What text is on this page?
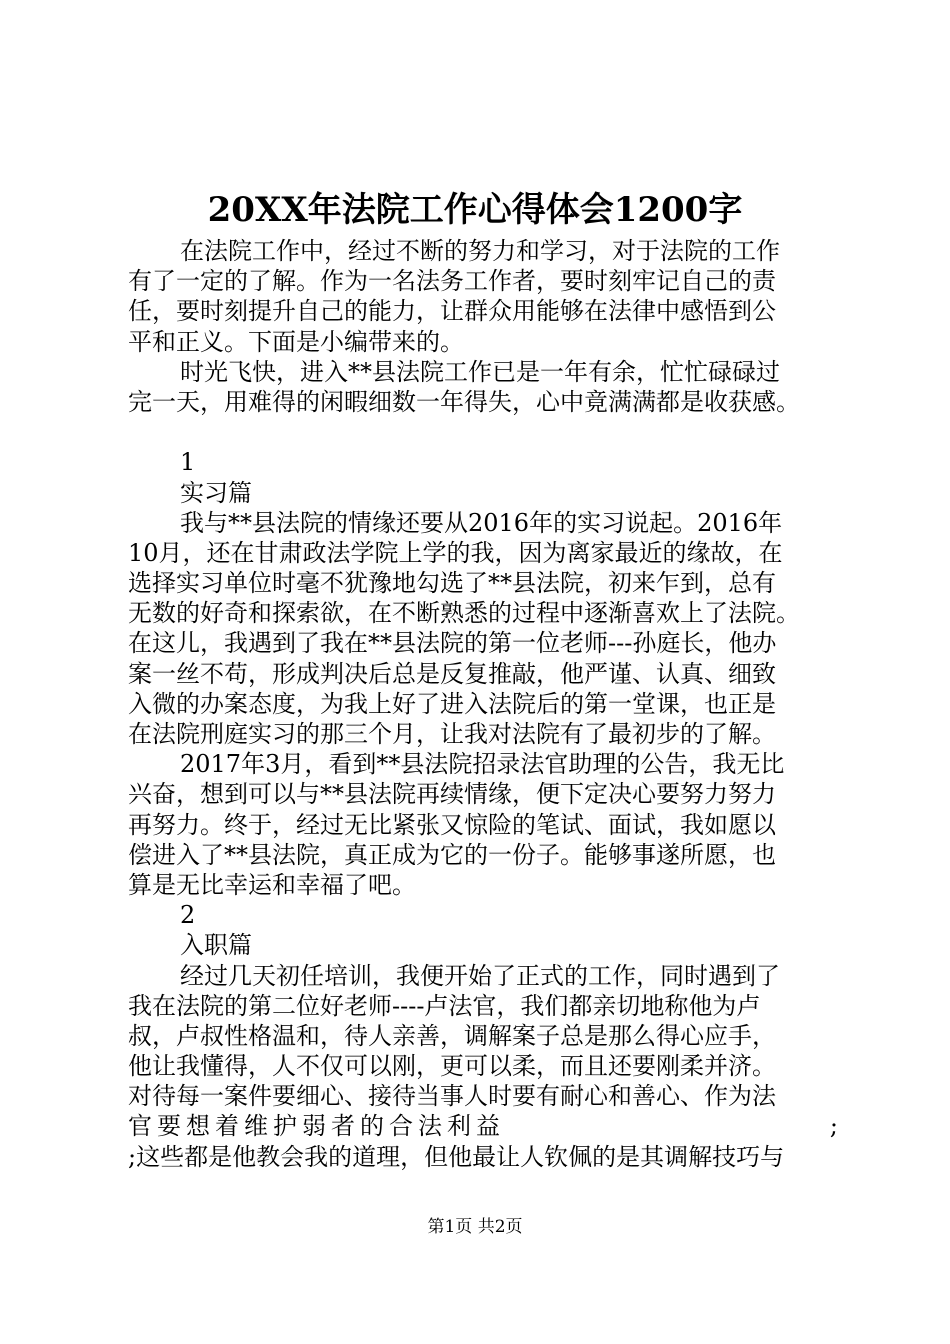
20XX年法院工作心得体会1200字
在法院工作中，经过不断的努力和学习，对于法院的工作
有了一定的了解。作为一名法务工作者，要时刻牢记自己的责
任，要时刻提升自己的能力，让群众用能够在法律中感悟到公
平和正义。下面是小编带来的。
时光飞快，进入**县法院工作已是一年有余，忙忙碌碌过
完一天，用难得的闲暇细数一年得失，心中竟满满都是收获感。
1
实习篇
我与**县法院的情缘还要从2016年的实习说起。2016年
10月，还在甘肃政法学院上学的我，因为离家最近的缘故，在
选择实习单位时毫不犹豫地勾选了**县法院，初来乍到，总有
无数的好奇和探索欲，在不断熟悉的过程中逐渐喜欢上了法院。
在这儿，我遇到了我在**县法院的第一位老师---孙庭长，他办
案一丝不苟，形成判决后总是反复推敲，他严谨、认真、细致
入微的办案态度，为我上好了进入法院后的第一堂课，也正是
在法院刑庭实习的那三个月，让我对法院有了最初步的了解。
2017年3月，看到**县法院招录法官助理的公告，我无比
兴奋，想到可以与**县法院再续情缘，便下定决心要努力努力
再努力。终于，经过无比紧张又惊险的笔试、面试，我如愿以
偿进入了**县法院，真正成为它的一份子。能够事遂所愿，也
算是无比幸运和幸福了吧。
2
入职篇
经过几天初任培训，我便开始了正式的工作，同时遇到了
我在法院的第二位好老师----卢法官，我们都亲切地称他为卢
叔，卢叔性格温和，待人亲善，调解案子总是那么得心应手，
他让我懂得，人不仅可以刚，更可以柔，而且还要刚柔并济。
对待每一案件要细心、接待当事人时要有耐心和善心、作为法
官要想着维护弱者的合法利益	;
;这些都是他教会我的道理，但他最让人钦佩的是其调解技巧与
第1页 共2页
